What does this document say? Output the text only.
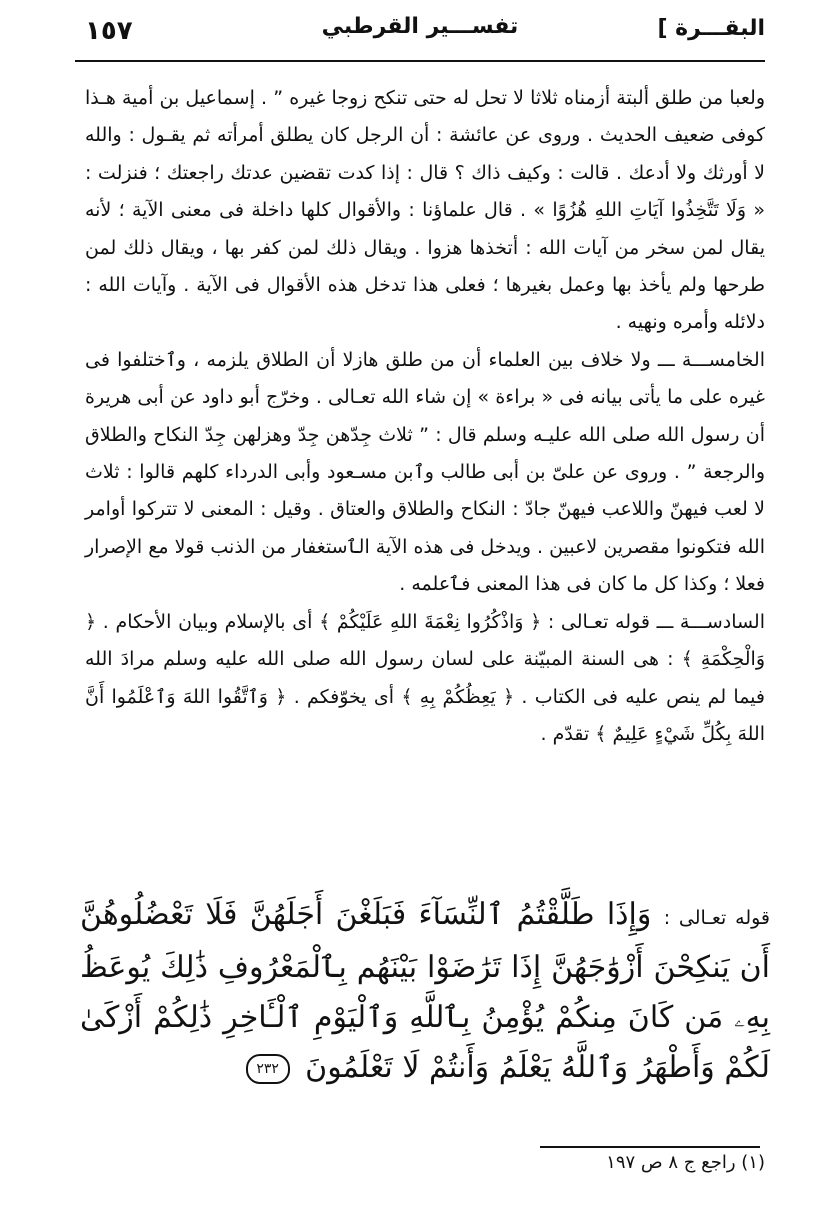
١٥٧	تفســـير القرطبي	البقـــرة ]

ولعبا من طلق ألبتة أزمناه ثلاثا لا تحل له حتى تنكح زوجا غيره ” . إسماعيل بن أمية هـذا كوفى ضعيف الحديث . وروى عن عائشة : أن الرجل كان يطلق أمرأته ثم يقـول : والله لا أورثك ولا أدعك . قالت : وكيف ذاك ؟ قال : إذا كدت تقضين عدتك راجعتك ؛ فنزلت : « وَلَا تَتَّخِذُوا آيَاتِ اللهِ هُزُوًا » . قال علماؤنا : والأقوال كلها داخلة فى معنى الآية ؛ لأنه يقال لمن سخر من آيات الله : أتخذها هزوا . ويقال ذلك لمن كفر بها ، ويقال ذلك لمن طرحها ولم يأخذ بها وعمل بغيرها ؛ فعلى هذا تدخل هذه الأقوال فى الآية . وآيات الله : دلائله وأمره ونهيه .

الخامســـة ـــ ولا خلاف بين العلماء أن من طلق هازلا أن الطلاق يلزمه ، وٱختلفوا فى غيره على ما يأتى بيانه فى « براءة » إن شاء الله تعـالى . وخرّج أبو داود عن أبى هريرة أن رسول الله صلى الله عليـه وسلم قال : ” ثلاث جِدّهن جِدّ وهزلهن جِدّ النكاح والطلاق والرجعة ” . وروى عن علىّ بن أبى طالب وٱبن مسـعود وأبى الدرداء كلهم قالوا : ثلاث لا لعب فيهنّ واللاعب فيهنّ جادّ : النكاح والطلاق والعتاق . وقيل : المعنى لا تتركوا أوامر الله فتكونوا مقصرين لاعبين . ويدخل فى هذه الآية الٱستغفار من الذنب قولا مع الإصرار فعلا ؛ وكذا كل ما كان فى هذا المعنى فٱعلمه .

السادســـة ـــ قوله تعـالى : ﴿ وَاذْكُرُوا نِعْمَةَ اللهِ عَلَيْكُمْ ﴾ أى بالإسلام وبيان الأحكام . ﴿ وَالْحِكْمَةِ ﴾ : هى السنة المبيّنة على لسان رسول الله صلى الله عليه وسلم مرادَ الله فيما لم ينص عليه فى الكتاب . ﴿ يَعِظُكُمْ بِهِ ﴾ أى يخوّفكم . ﴿ وَٱتَّقُوا اللهَ وَٱعْلَمُوا أَنَّ اللهَ بِكُلِّ شَيْءٍ عَلِيمٌ ﴾ تقدّم .

قوله تعـالى : وَإِذَا طَلَّقْتُمُ ٱلنِّسَآءَ فَبَلَغْنَ أَجَلَهُنَّ فَلَا تَعْضُلُوهُنَّ أَن يَنكِحْنَ أَزْوَٰجَهُنَّ إِذَا تَرَٰضَوْا بَيْنَهُم بِٱلْمَعْرُوفِ ذَٰلِكَ يُوعَظُ بِهِۦ مَن كَانَ مِنكُمْ يُؤْمِنُ بِٱللَّهِ وَٱلْيَوْمِ ٱلْـَٔاخِرِ ذَٰلِكُمْ أَزْكَىٰ لَكُمْ وَأَطْهَرُ وَٱللَّهُ يَعْلَمُ وَأَنتُمْ لَا تَعْلَمُونَ ٢٣٢
(١) راجع ج ٨ ص ١٩٧
